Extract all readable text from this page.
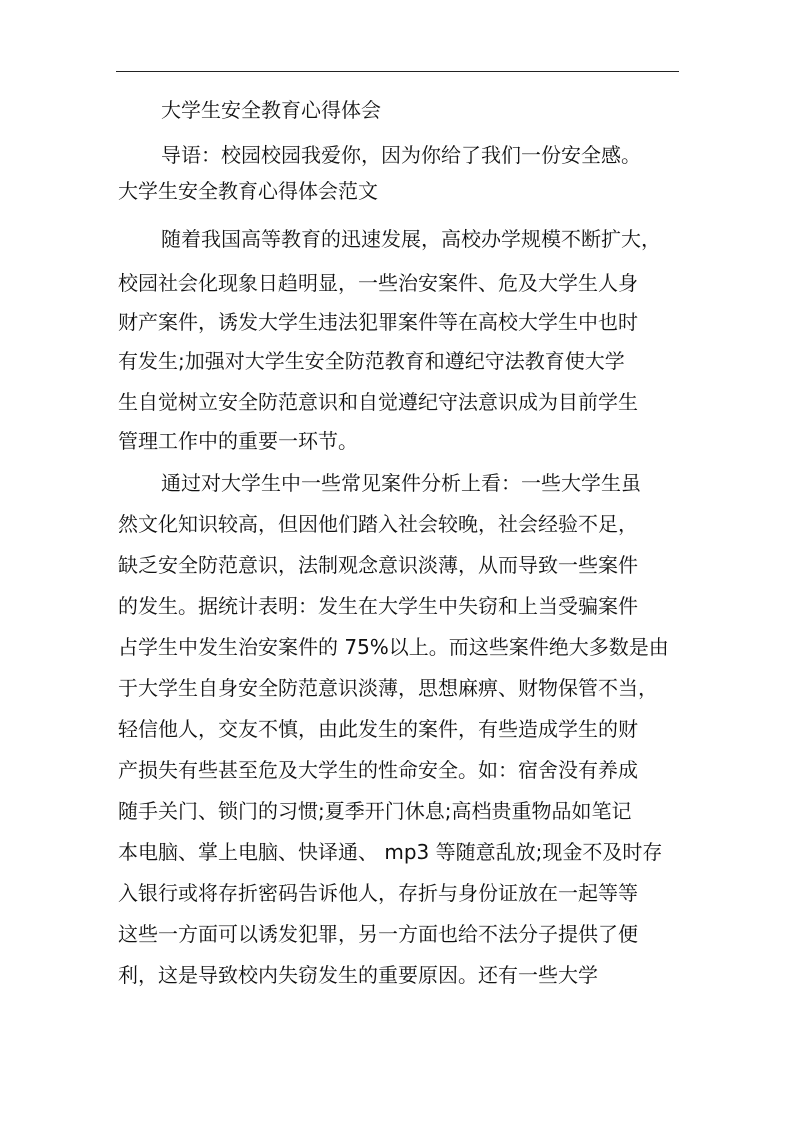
大学生安全教育心得体会
导语：校园校园我爱你，因为你给了我们一份安全感。
大学生安全教育心得体会范文
随着我国高等教育的迅速发展，高校办学规模不断扩大，
校园社会化现象日趋明显，一些治安案件、危及大学生人身
财产案件，诱发大学生违法犯罪案件等在高校大学生中也时
有发生;加强对大学生安全防范教育和遵纪守法教育使大学
生自觉树立安全防范意识和自觉遵纪守法意识成为目前学生
管理工作中的重要一环节。
通过对大学生中一些常见案件分析上看：一些大学生虽
然文化知识较高，但因他们踏入社会较晚，社会经验不足，
缺乏安全防范意识，法制观念意识淡薄，从而导致一些案件
的发生。据统计表明：发生在大学生中失窃和上当受骗案件
占学生中发生治安案件的 75%以上。而这些案件绝大多数是由
于大学生自身安全防范意识淡薄，思想麻痹、财物保管不当，
轻信他人，交友不慎，由此发生的案件，有些造成学生的财
产损失有些甚至危及大学生的性命安全。如：宿舍没有养成
随手关门、锁门的习惯;夏季开门休息;高档贵重物品如笔记
本电脑、掌上电脑、快译通、 mp3 等随意乱放;现金不及时存
入银行或将存折密码告诉他人，存折与身份证放在一起等等
这些一方面可以诱发犯罪，另一方面也给不法分子提供了便
利，这是导致校内失窃发生的重要原因。还有一些大学
